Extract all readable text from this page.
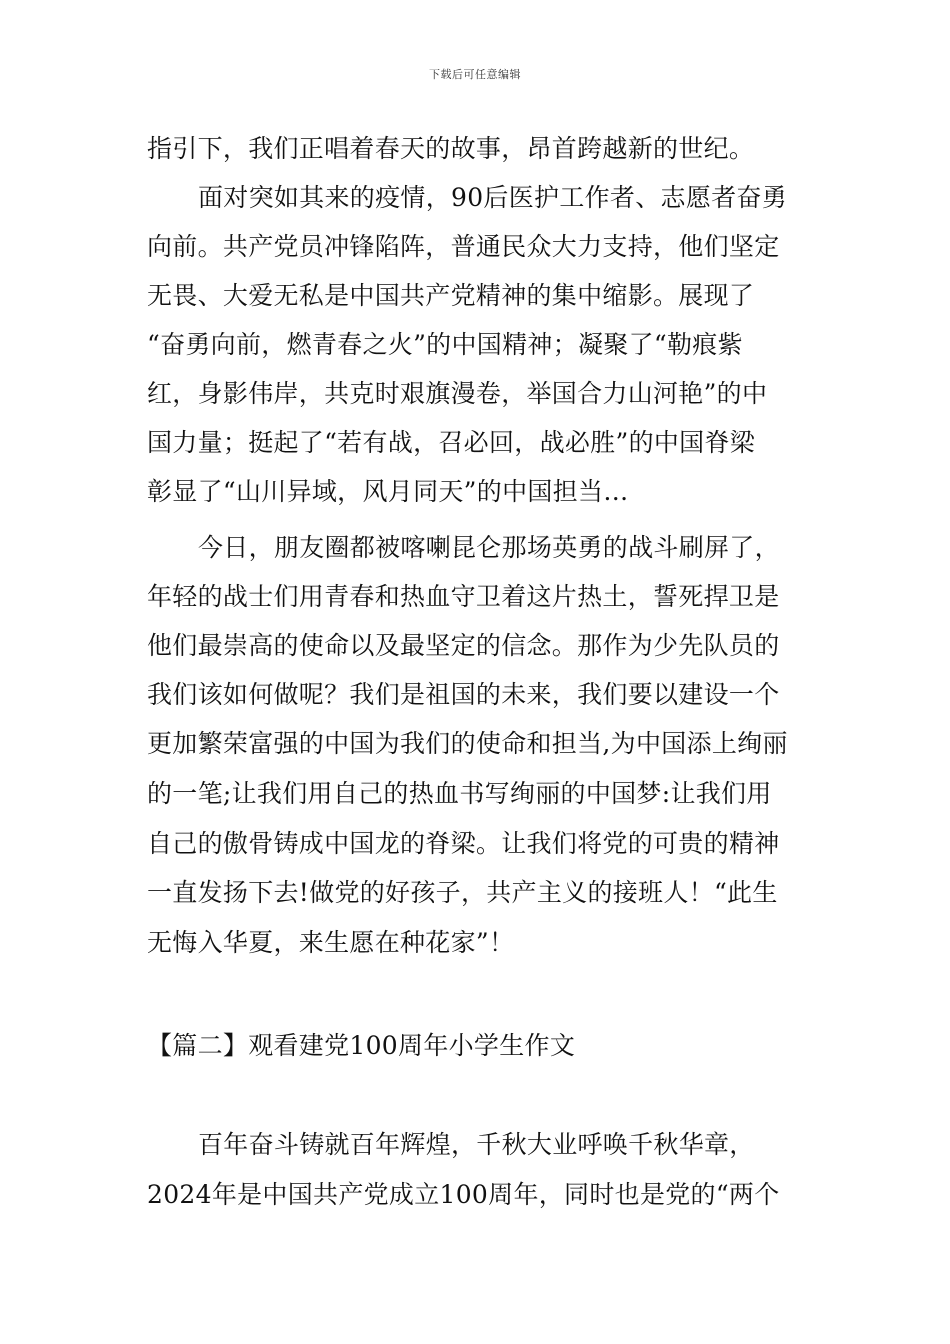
下载后可任意编辑
指引下，我们正唱着春天的故事，昂首跨越新的世纪。
面对突如其来的疫情，90后医护工作者、志愿者奋勇
向前。共产党员冲锋陷阵，普通民众大力支持，他们坚定
无畏、大爱无私是中国共产党精神的集中缩影。展现了
“奋勇向前，燃青春之火”的中国精神；凝聚了“勒痕紫
红，身影伟岸，共克时艰旗漫卷，举国合力山河艳”的中
国力量；挺起了“若有战，召必回，战必胜”的中国脊梁
彰显了“山川异域，风月同天”的中国担当…
今日，朋友圈都被喀喇昆仑那场英勇的战斗刷屏了，
年轻的战士们用青春和热血守卫着这片热土，誓死捍卫是
他们最崇高的使命以及最坚定的信念。那作为少先队员的
我们该如何做呢？我们是祖国的未来，我们要以建设一个
更加繁荣富强的中国为我们的使命和担当,为中国添上绚丽
的一笔;让我们用自己的热血书写绚丽的中国梦:让我们用
自己的傲骨铸成中国龙的脊梁。让我们将党的可贵的精神
一直发扬下去!做党的好孩子，共产主义的接班人！“此生
无悔入华夏，来生愿在种花家”！
【篇二】观看建党100周年小学生作文
百年奋斗铸就百年辉煌，千秋大业呼唤千秋华章，
2024年是中国共产党成立100周年，同时也是党的“两个
